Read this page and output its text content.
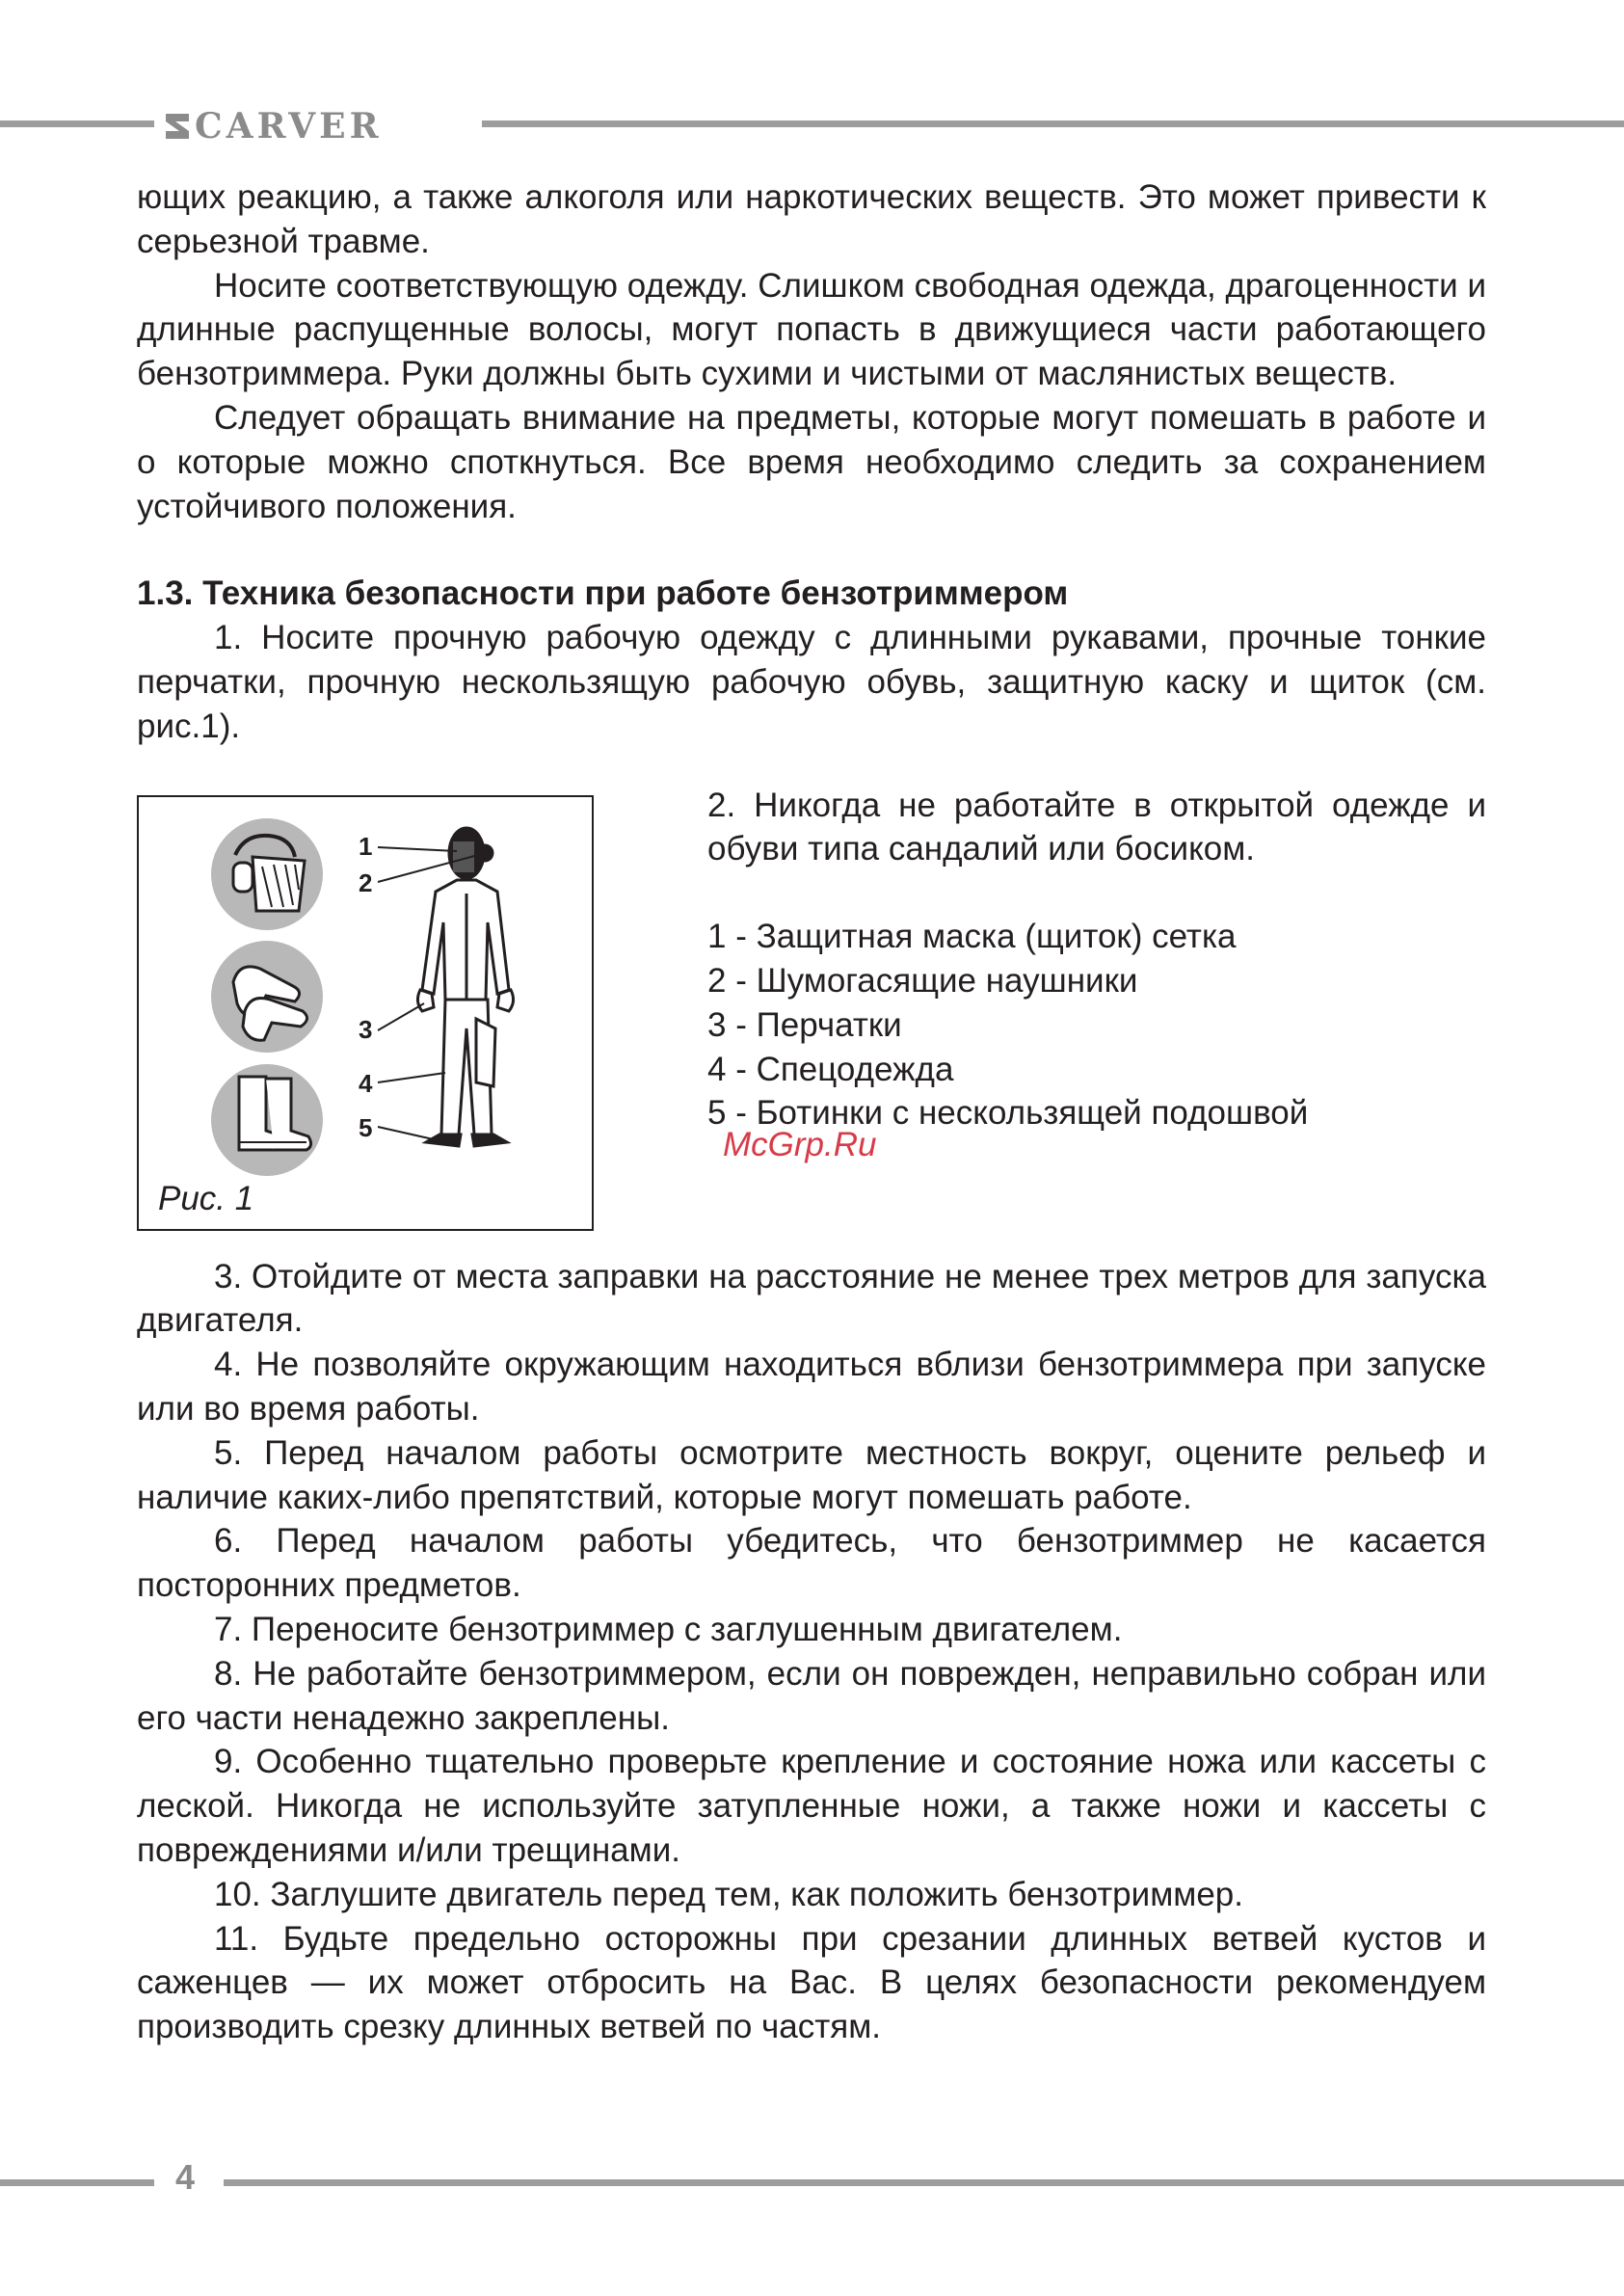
CARVER

ющих реакцию, а также алкоголя или наркотических веществ. Это может привести к серьезной травме.

Носите соответствующую одежду. Слишком свободная одежда, драгоценности и длинные распущенные волосы, могут попасть в движущиеся части работающего бензотриммера. Руки должны быть сухими и чистыми от маслянистых веществ.

Следует обращать внимание на предметы, которые могут помешать в работе и о которые можно споткнуться. Все время необходимо следить за сохранением устойчивого положения.

1.3. Техника безопасности при работе бензотриммером

1. Носите прочную рабочую одежду с длинными рукавами, прочные тонкие перчатки, прочную нескользящую рабочую обувь, защитную каску и щиток (см. рис.1).

1
2
3
4
5
Рис. 1

2. Никогда не работайте в открытой одежде и обуви типа сандалий или босиком.

1 - Защитная маска (щиток) сетка

2 - Шумогасящие наушники

3 - Перчатки

4 - Спецодежда

5 - Ботинки с нескользящей подошвой

3. Отойдите от места заправки на расстояние не менее трех метров для запуска двигателя.

4. Не позволяйте окружающим находиться вблизи бензотриммера при запуске или во время работы.

5. Перед началом работы осмотрите местность вокруг, оцените рельеф и наличие каких-либо препятствий, которые могут помешать работе.

6. Перед началом работы убедитесь, что бензотриммер не касается посторонних предметов.

7. Переносите бензотриммер с заглушенным двигателем.

8. Не работайте бензотриммером, если он поврежден, неправильно собран или его части ненадежно закреплены.

9. Особенно тщательно проверьте крепление и состояние ножа или кассеты с леской. Никогда не используйте затупленные ножи, а также ножи и кассеты с повреждениями и/или трещинами.

10. Заглушите двигатель перед тем, как положить бензотриммер.

11. Будьте предельно осторожны при срезании длинных ветвей кустов и саженцев — их может отбросить на Вас. В целях безопасности рекомендуем производить срезку длинных ветвей по частям.

McGrp.Ru
4
